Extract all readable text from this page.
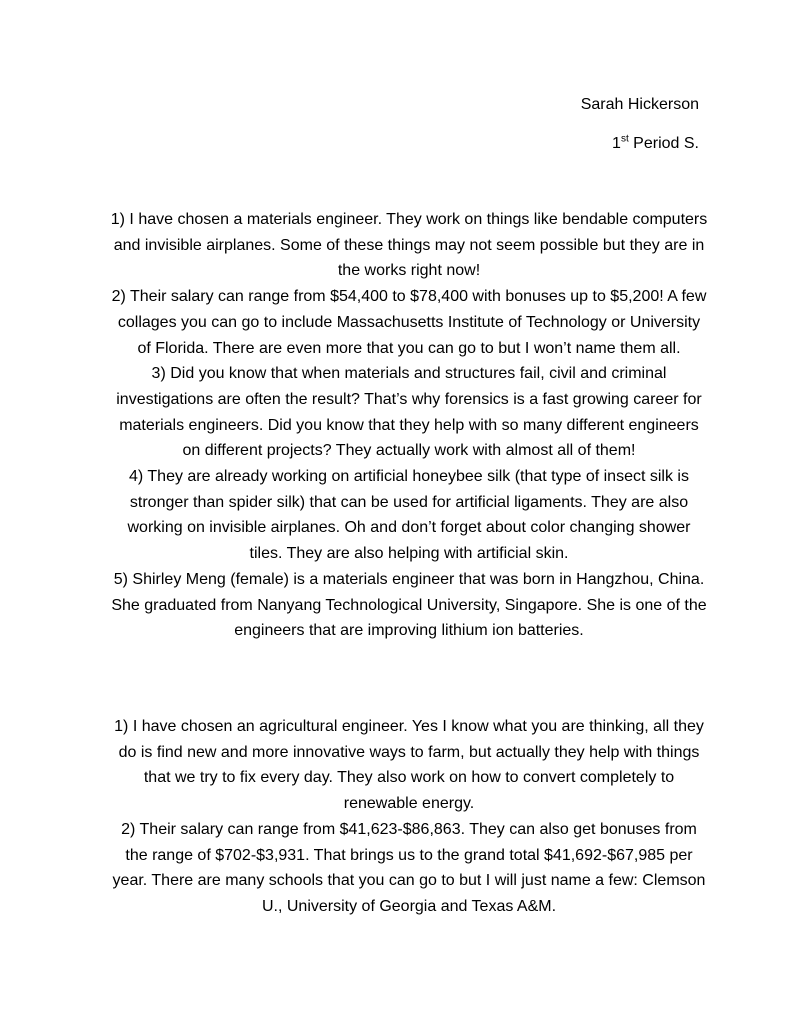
Sarah Hickerson
1st Period S.

1) I have chosen a materials engineer. They work on things like bendable computers and invisible airplanes. Some of these things may not seem possible but they are in the works right now!

2) Their salary can range from $54,400 to $78,400 with bonuses up to $5,200! A few collages you can go to include Massachusetts Institute of Technology or University of Florida. There are even more that you can go to but I won’t name them all.

3) Did you know that when materials and structures fail, civil and criminal investigations are often the result? That’s why forensics is a fast growing career for materials engineers. Did you know that they help with so many different engineers on different projects? They actually work with almost all of them!

4) They are already working on artificial honeybee silk (that type of insect silk is stronger than spider silk) that can be used for artificial ligaments. They are also working on invisible airplanes. Oh and don’t forget about color changing shower tiles. They are also helping with artificial skin.

5) Shirley Meng (female) is a materials engineer that was born in Hangzhou, China. She graduated from Nanyang Technological University, Singapore. She is one of the engineers that are improving lithium ion batteries.

1) I have chosen an agricultural engineer. Yes I know what you are thinking, all they do is find new and more innovative ways to farm, but actually they help with things that we try to fix every day. They also work on how to convert completely to renewable energy.

2) Their salary can range from $41,623-$86,863. They can also get bonuses from the range of $702-$3,931. That brings us to the grand total $41,692-$67,985 per year. There are many schools that you can go to but I will just name a few: Clemson U., University of Georgia and Texas A&M.
